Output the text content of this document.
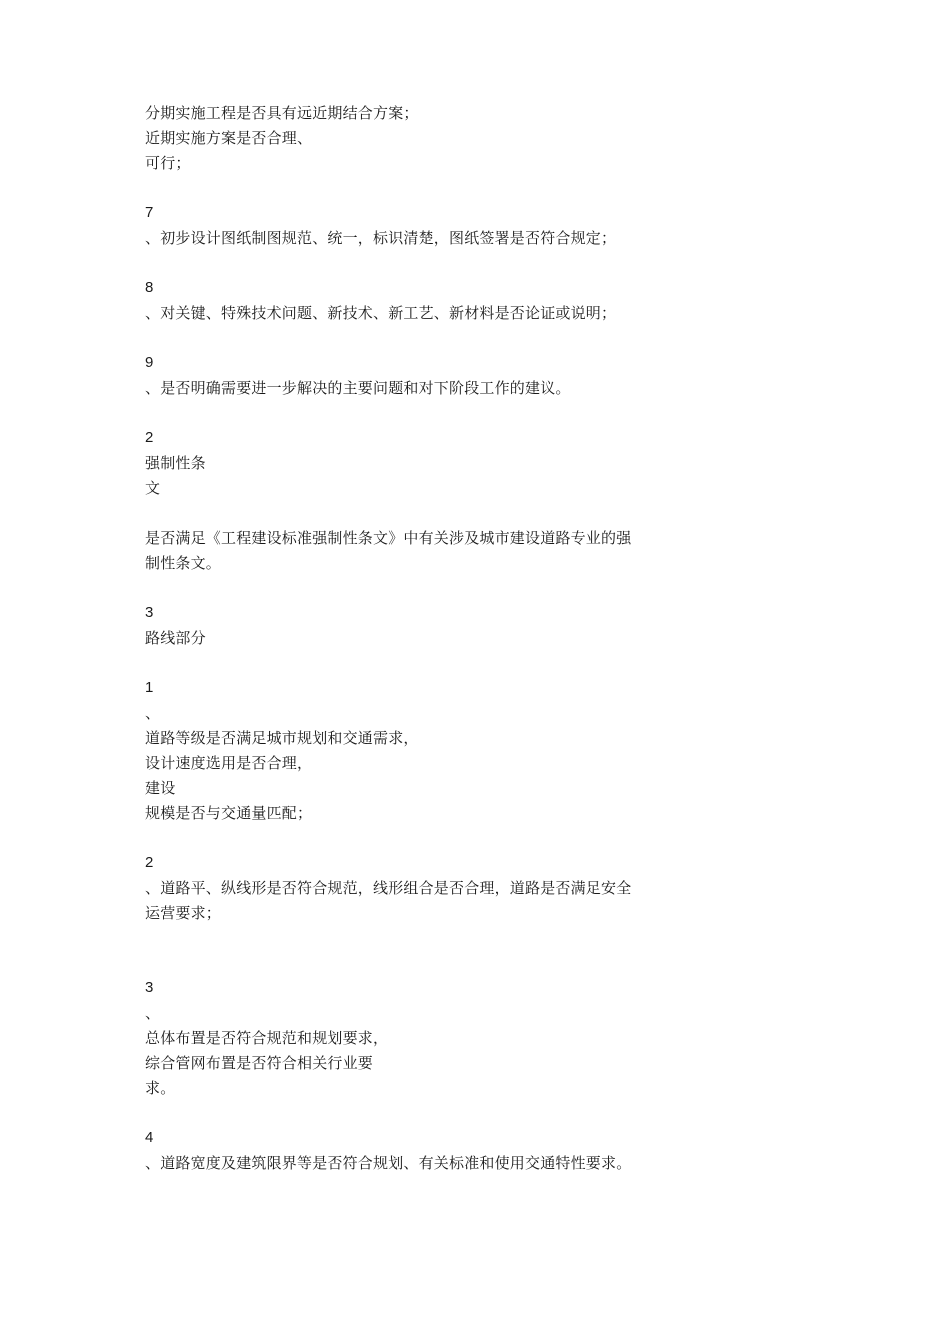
分期实施工程是否具有远近期结合方案；
近期实施方案是否合理、
可行；
7
、初步设计图纸制图规范、统一，标识清楚，图纸签署是否符合规定；
8
、对关键、特殊技术问题、新技术、新工艺、新材料是否论证或说明；
9
、是否明确需要进一步解决的主要问题和对下阶段工作的建议。
2
强制性条
文
是否满足《工程建设标准强制性条文》中有关涉及城市建设道路专业的强
制性条文。
3
路线部分
1
、
道路等级是否满足城市规划和交通需求，
设计速度选用是否合理，
建设
规模是否与交通量匹配；
2
、道路平、纵线形是否符合规范，线形组合是否合理，道路是否满足安全
运营要求；
3
、
总体布置是否符合规范和规划要求，
综合管网布置是否符合相关行业要
求。
4
、道路宽度及建筑限界等是否符合规划、有关标准和使用交通特性要求。
